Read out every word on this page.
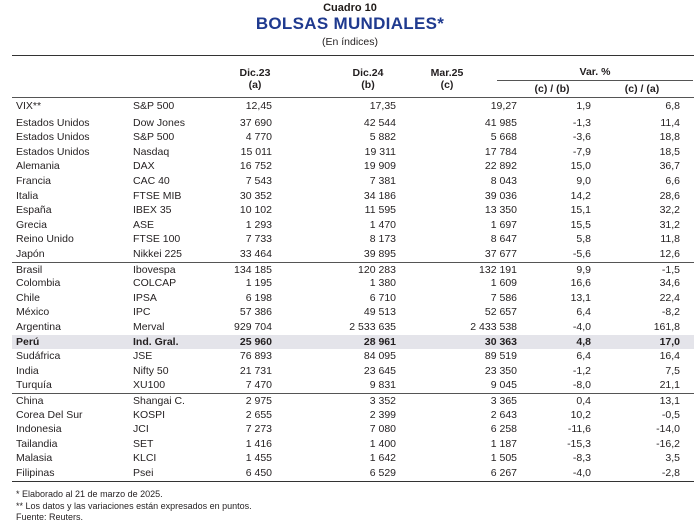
Cuadro 10
BOLSAS MUNDIALES*
(En índices)
Dic.23
(a)
Dic.24
(b)
Mar.25
(c)
Var. %
(c) / (b)	(c) / (a)
VIX**	S&P 500	12,45	17,35	19,27	1,9	6,8
Estados Unidos	Dow Jones	37 690	42 544	41 985	-1,3	11,4
Estados Unidos	S&P 500	4 770	5 882	5 668	-3,6	18,8
Estados Unidos	Nasdaq	15 011	19 311	17 784	-7,9	18,5
Alemania	DAX	16 752	19 909	22 892	15,0	36,7
Francia	CAC 40	7 543	7 381	8 043	9,0	6,6
Italia	FTSE MIB	30 352	34 186	39 036	14,2	28,6
España	IBEX 35	10 102	11 595	13 350	15,1	32,2
Grecia	ASE	1 293	1 470	1 697	15,5	31,2
Reino Unido	FTSE 100	7 733	8 173	8 647	5,8	11,8
Japón	Nikkei 225	33 464	39 895	37 677	-5,6	12,6
Brasil	Ibovespa	134 185	120 283	132 191	9,9	-1,5
Colombia	COLCAP	1 195	1 380	1 609	16,6	34,6
Chile	IPSA	6 198	6 710	7 586	13,1	22,4
México	IPC	57 386	49 513	52 657	6,4	-8,2
Argentina	Merval	929 704	2 533 635	2 433 538	-4,0	161,8
Perú	Ind. Gral.	25 960	28 961	30 363	4,8	17,0
Sudáfrica	JSE	76 893	84 095	89 519	6,4	16,4
India	Nifty 50	21 731	23 645	23 350	-1,2	7,5
Turquía	XU100	7 470	9 831	9 045	-8,0	21,1
China	Shangai C.	2 975	3 352	3 365	0,4	13,1
Corea Del Sur	KOSPI	2 655	2 399	2 643	10,2	-0,5
Indonesia	JCI	7 273	7 080	6 258	-11,6	-14,0
Tailandia	SET	1 416	1 400	1 187	-15,3	-16,2
Malasia	KLCI	1 455	1 642	1 505	-8,3	3,5
Filipinas	Psei	6 450	6 529	6 267	-4,0	-2,8
* Elaborado al 21 de marzo de 2025.
** Los datos y las variaciones están expresados en puntos.
Fuente: Reuters.
